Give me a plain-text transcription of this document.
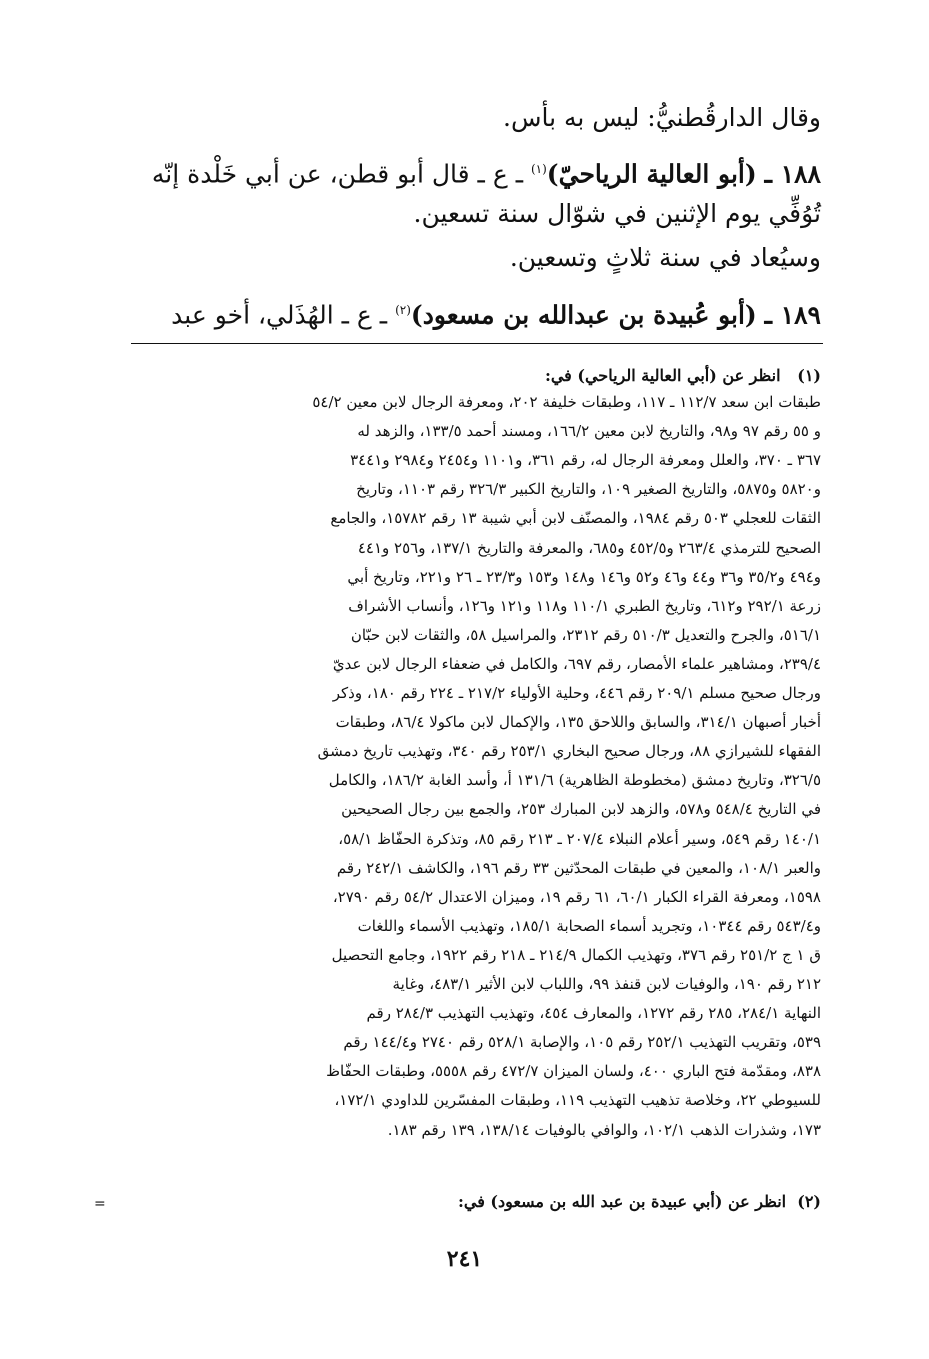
وقال الدارقُطنيُّ: ليس به بأس.
١٨٨ ـ (أبو العالية الرياحيّ)$^{(١)}$ ـ ع ـ قال أبو قطن، عن أبي خَلْدة إنّه
تُوُفِّي يوم الإثنين في شوّال سنة تسعين.
وسيُعاد في سنة ثلاثٍ وتسعين.
١٨٩ ـ (أبو عُبيدة بن عبدالله بن مسعود)$^{(٢)}$ ـ ع ـ الهُذَلي، أخو عبد
(١)   انظر عن (أبي العالية الرياحي) في:
طبقات ابن سعد ١١٢/٧ ـ ١١٧، وطبقات خليفة ٢٠٢، ومعرفة الرجال لابن معين ٥٤/٢
و ٥٥ رقم ٩٧ و٩٨، والتاريخ لابن معين ١٦٦/٢، ومسند أحمد ١٣٣/٥، والزهد له
٣٦٧ ـ ٣٧٠، والعلل ومعرفة الرجال له، رقم ٣٦١، و١١٠١ و٢٤٥٤ و٢٩٨٤ و٣٤٤١
و٥٨٢٠ و٥٨٧٥، والتاريخ الصغير ١٠٩، والتاريخ الكبير ٣٢٦/٣ رقم ١١٠٣، وتاريخ
الثقات للعجلي ٥٠٣ رقم ١٩٨٤، والمصنّف لابن أبي شيبة ١٣ رقم ١٥٧٨٢، والجامع
الصحيح للترمذي ٢٦٣/٤ و٤٥٢/٥ و٦٨٥، والمعرفة والتاريخ ١٣٧/١، و٢٥٦ و٤٤١
و٤٩٤ و٣٥/٢ و٣٦ و٤٤ و٤٦ و٥٢ و١٤٦ و١٤٨ و١٥٣ و٢٣/٣ ـ ٢٦ و٢٢١، وتاريخ أبي
زرعة ٢٩٢/١ و٦١٢، وتاريخ الطبري ١١٠/١ و١١٨ و١٢١ و١٢٦، وأنساب الأشراف
٥١٦/١، والجرح والتعديل ٥١٠/٣ رقم ٢٣١٢، والمراسيل ٥٨، والثقات لابن حبّان
٢٣٩/٤، ومشاهير علماء الأمصار، رقم ٦٩٧، والكامل في ضعفاء الرجال لابن عديّ
ورجال صحيح مسلم ٢٠٩/١ رقم ٤٤٦، وحلية الأولياء ٢١٧/٢ ـ ٢٢٤ رقم ١٨٠، وذكر
أخبار أصبهان ٣١٤/١، والسابق واللاحق ١٣٥، والإكمال لابن ماكولا ٨٦/٤، وطبقات
الفقهاء للشيرازي ٨٨، ورجال صحيح البخاري ٢٥٣/١ رقم ٣٤٠، وتهذيب تاريخ دمشق
٣٢٦/٥، وتاريخ دمشق (مخطوطة الظاهرية) ١٣١/٦ أ، وأسد الغابة ١٨٦/٢، والكامل
في التاريخ ٥٤٨/٤ و٥٧٨، والزهد لابن المبارك ٢٥٣، والجمع بين رجال الصحيحين
١٤٠/١ رقم ٥٤٩، وسير أعلام النبلاء ٢٠٧/٤ ـ ٢١٣ رقم ٨٥، وتذكرة الحفّاظ ٥٨/١،
والعبر ١٠٨/١، والمعين في طبقات المحدّثين ٣٣ رقم ١٩٦، والكاشف ٢٤٢/١ رقم
١٥٩٨، ومعرفة القراء الكبار ٦٠/١، ٦١ رقم ١٩، وميزان الاعتدال ٥٤/٢ رقم ٢٧٩٠،
و٥٤٣/٤ رقم ١٠٣٤٤، وتجريد أسماء الصحابة ١٨٥/١، وتهذيب الأسماء واللغات
ق ١ ج ٢٥١/٢ رقم ٣٧٦، وتهذيب الكمال ٢١٤/٩ ـ ٢١٨ رقم ١٩٢٢، وجامع التحصيل
٢١٢ رقم ١٩٠، والوفيات لابن قنفذ ٩٩، واللباب لابن الأثير ٤٨٣/١، وغاية
النهاية ٢٨٤/١، ٢٨٥ رقم ١٢٧٢، والمعارف ٤٥٤، وتهذيب التهذيب ٢٨٤/٣ رقم
٥٣٩، وتقريب التهذيب ٢٥٢/١ رقم ١٠٥، والإصابة ٥٢٨/١ رقم ٢٧٤٠ و١٤٤/٤ رقم
٨٣٨، ومقدّمة فتح الباري ٤٠٠، ولسان الميزان ٤٧٢/٧ رقم ٥٥٥٨، وطبقات الحفّاظ
للسيوطي ٢٢، وخلاصة تذهيب التهذيب ١١٩، وطبقات المفسّرين للداودي ١٧٢/١،
١٧٣، وشذرات الذهب ١٠٢/١، والوافي بالوفيات ١٣٨/١٤، ١٣٩ رقم ١٨٣.
(٢)  انظر عن (أبي عبيدة بن عبد الله بن مسعود) في:
=
٢٤١
